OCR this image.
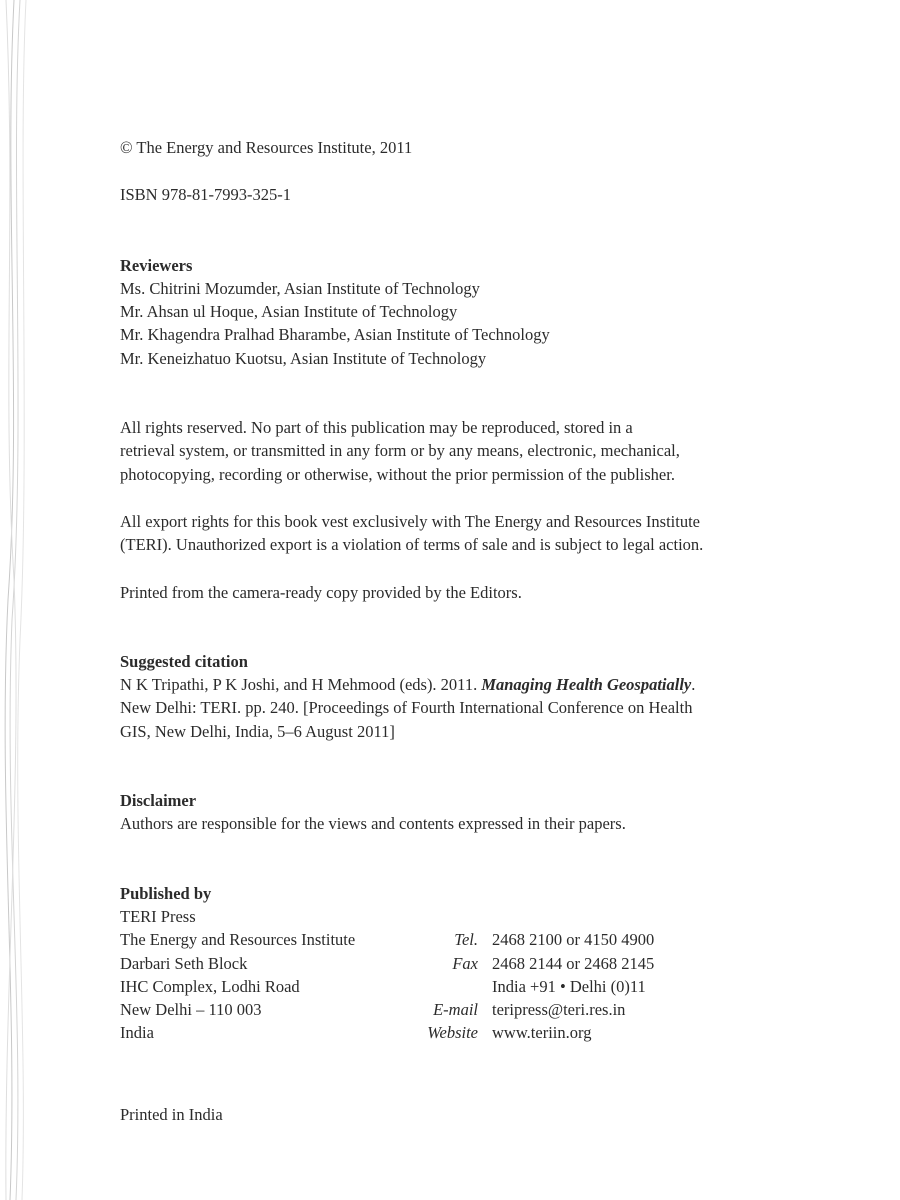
© The Energy and Resources Institute, 2011
ISBN 978-81-7993-325-1
Reviewers
Ms. Chitrini Mozumder, Asian Institute of Technology
Mr. Ahsan ul Hoque, Asian Institute of Technology
Mr. Khagendra Pralhad Bharambe, Asian Institute of Technology
Mr. Keneizhatuo Kuotsu, Asian Institute of Technology
All rights reserved. No part of this publication may be reproduced, stored in a
retrieval system, or transmitted in any form or by any means, electronic, mechanical,
photocopying, recording or otherwise, without the prior permission of the publisher.
All export rights for this book vest exclusively with The Energy and Resources Institute
(TERI). Unauthorized export is a violation of terms of sale and is subject to legal action.
Printed from the camera-ready copy provided by the Editors.
Suggested citation
N K Tripathi, P K Joshi, and H Mehmood (eds). 2011. Managing Health Geospatially.
New Delhi: TERI. pp. 240. [Proceedings of Fourth International Conference on Health
GIS, New Delhi, India, 5–6 August 2011]
Disclaimer
Authors are responsible for the views and contents expressed in their papers.
Published by
TERI Press
The Energy and Resources Institute	Tel. 2468 2100 or 4150 4900
Darbari Seth Block	Fax 2468 2144 or 2468 2145
IHC Complex, Lodhi Road	India +91 • Delhi (0)11
New Delhi – 110 003	E-mail teripress@teri.res.in
India	Website www.teriin.org
Printed in India
